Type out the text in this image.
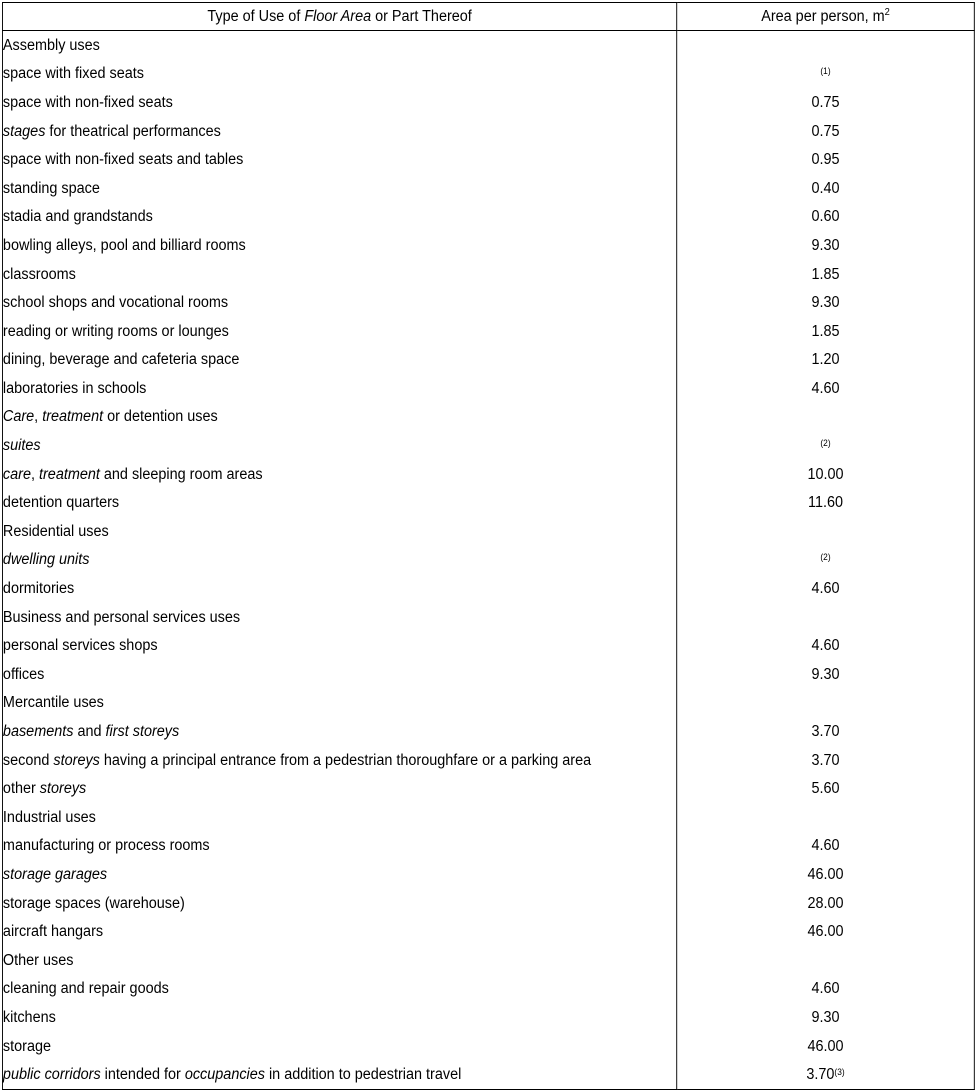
Type of Use of Floor Area or Part Thereof	Area per person, $m^2$
Assembly uses	
space with fixed seats	$^{(1)}$
space with non-fixed seats	0.75
stages for theatrical performances	0.75
space with non-fixed seats and tables	0.95
standing space	0.40
stadia and grandstands	0.60
bowling alleys, pool and billiard rooms	9.30
classrooms	1.85
school shops and vocational rooms	9.30
reading or writing rooms or lounges	1.85
dining, beverage and cafeteria space	1.20
laboratories in schools	4.60
Care, treatment or detention uses	
suites	$^{(2)}$
care, treatment and sleeping room areas	10.00
detention quarters	11.60
Residential uses	
dwelling units	$^{(2)}$
dormitories	4.60
Business and personal services uses	
personal services shops	4.60
offices	9.30
Mercantile uses	
basements and first storeys	3.70
second storeys having a principal entrance from a pedestrian thoroughfare or a parking area	3.70
other storeys	5.60
Industrial uses	
manufacturing or process rooms	4.60
storage garages	46.00
storage spaces (warehouse)	28.00
aircraft hangars	46.00
Other uses	
cleaning and repair goods	4.60
kitchens	9.30
storage	46.00
public corridors intended for occupancies in addition to pedestrian travel	3.70$^{(3)}$
